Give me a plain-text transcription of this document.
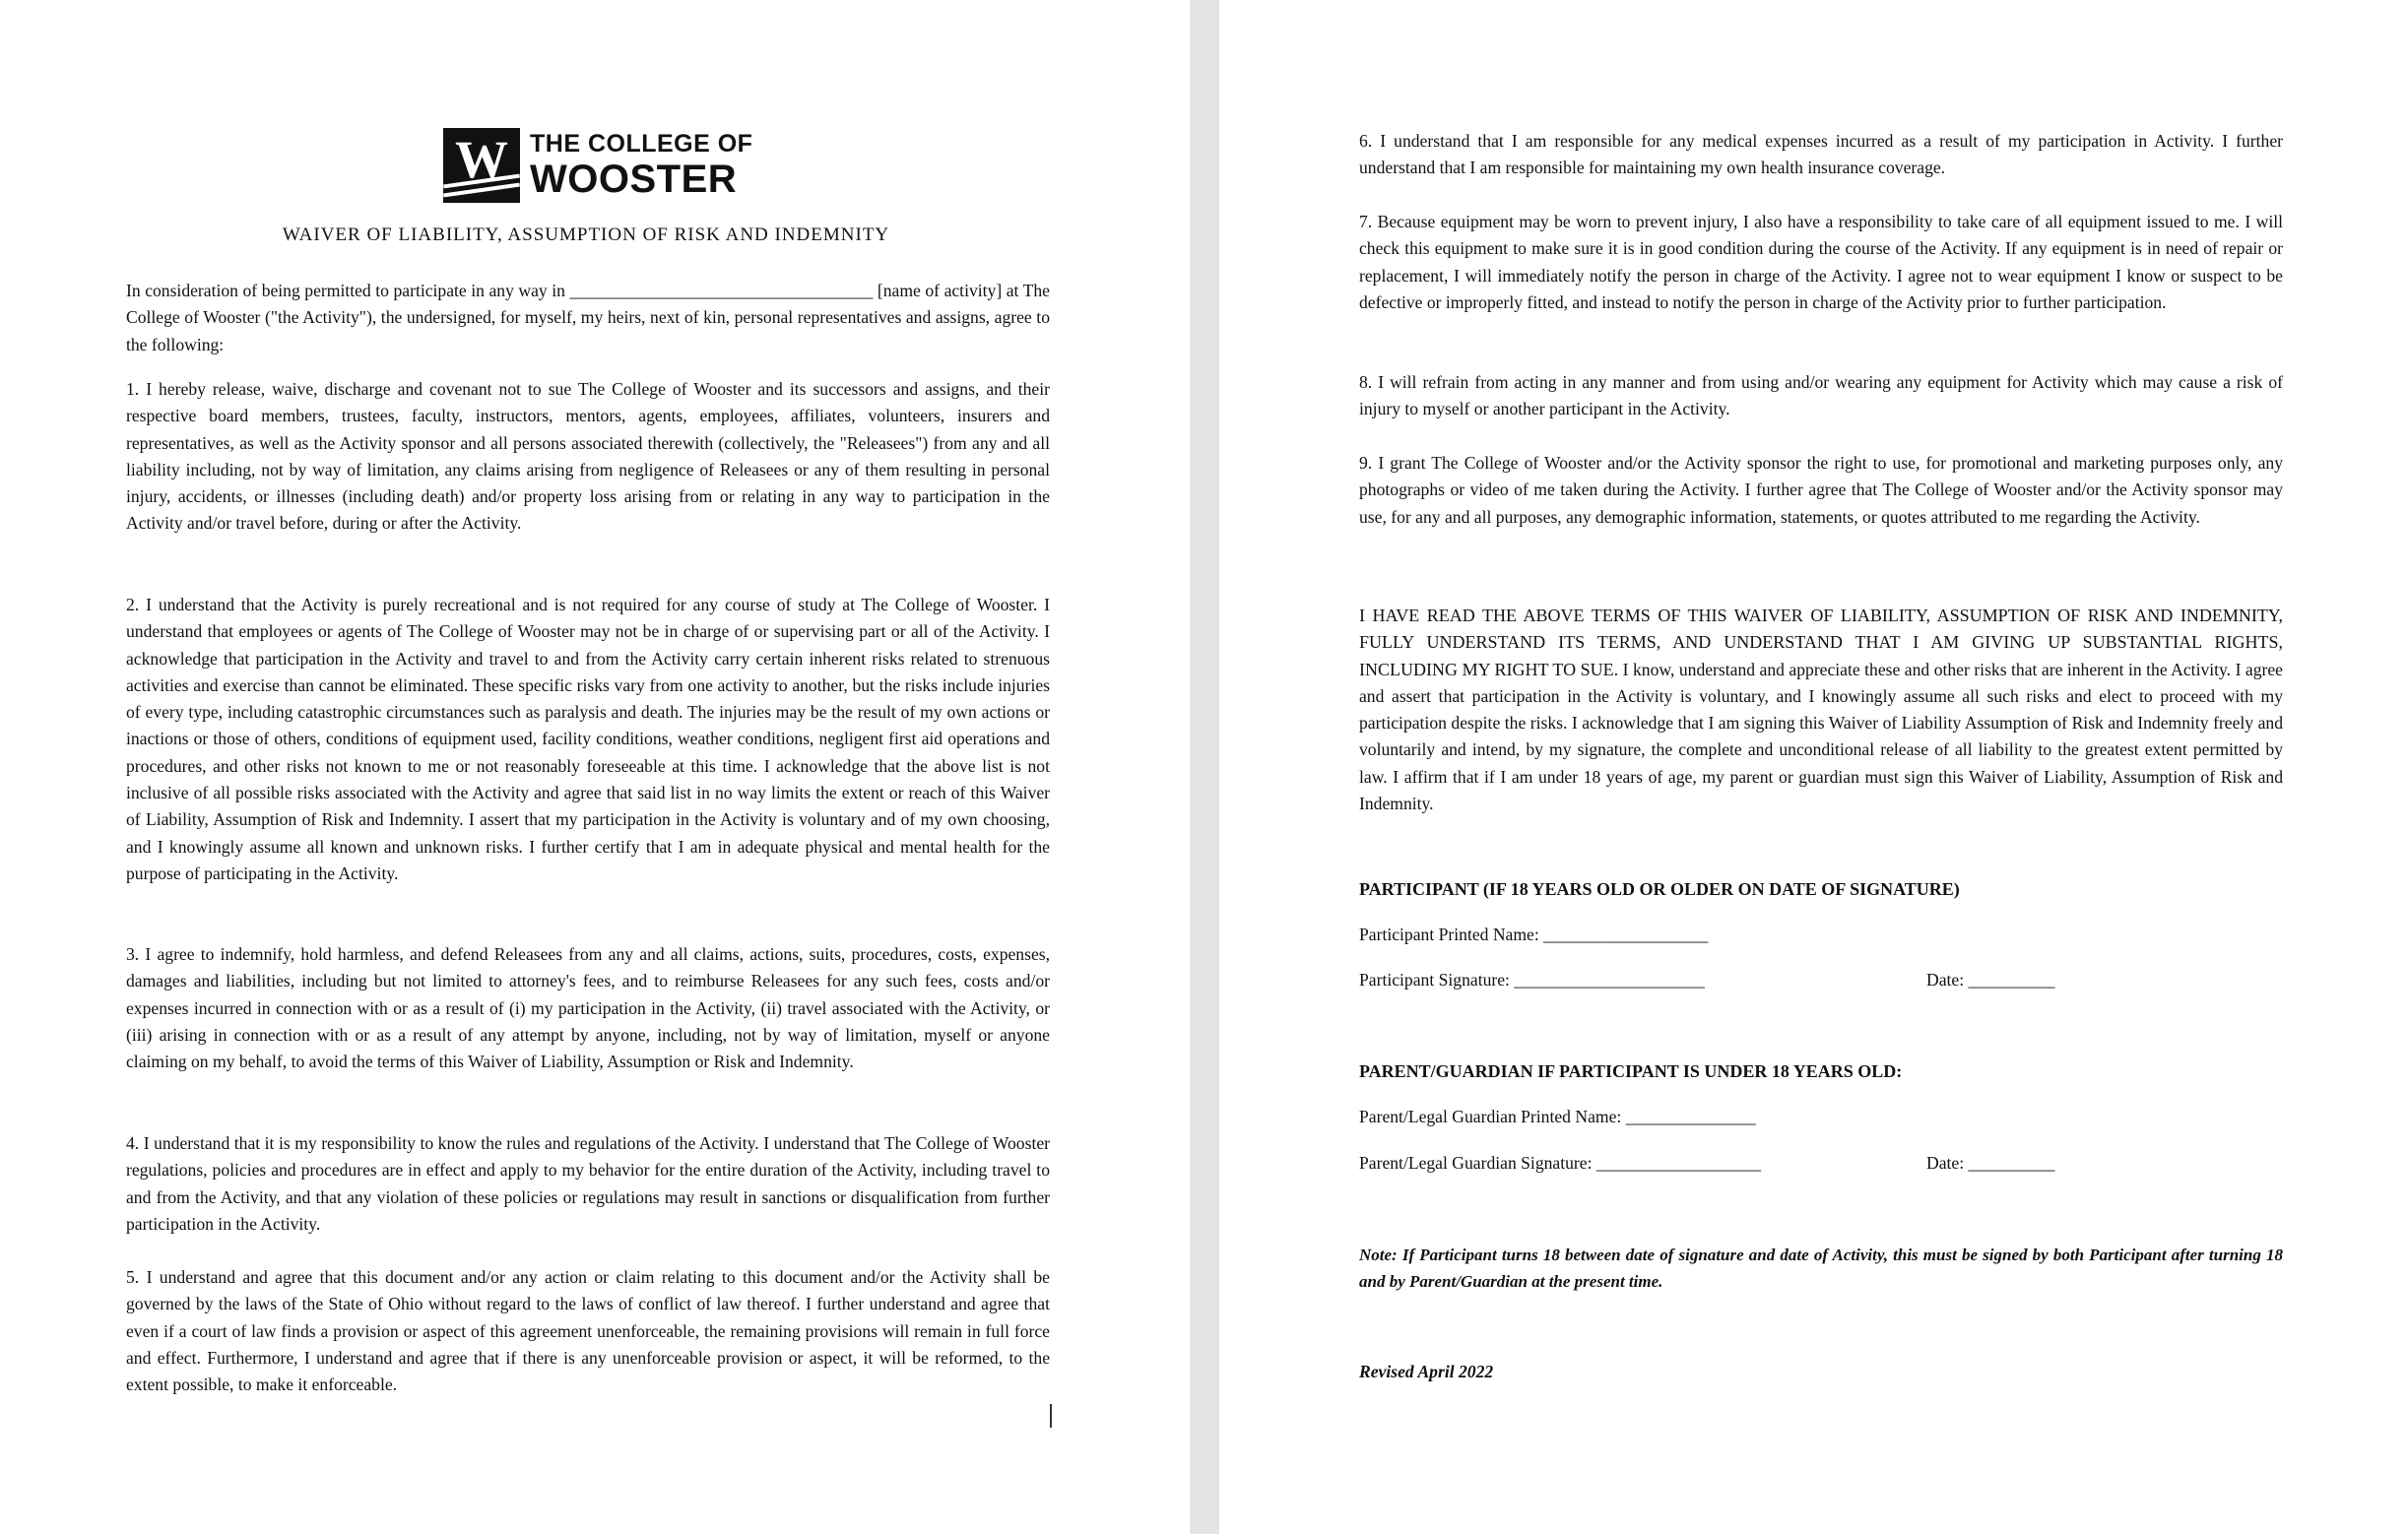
W THE COLLEGE OF
WOOSTER
WAIVER OF LIABILITY, ASSUMPTION OF RISK AND INDEMNITY

In consideration of being permitted to participate in any way in ___________________________________ [name of activity] at The College of Wooster ("the Activity"), the undersigned, for myself, my heirs, next of kin, personal representatives and assigns, agree to the following:

1. I hereby release, waive, discharge and covenant not to sue The College of Wooster and its successors and assigns, and their respective board members, trustees, faculty, instructors, mentors, agents, employees, affiliates, volunteers, insurers and representatives, as well as the Activity sponsor and all persons associated therewith (collectively, the "Releasees") from any and all liability including, not by way of limitation, any claims arising from negligence of Releasees or any of them resulting in personal injury, accidents, or illnesses (including death) and/or property loss arising from or relating in any way to participation in the Activity and/or travel before, during or after the Activity.

2. I understand that the Activity is purely recreational and is not required for any course of study at The College of Wooster. I understand that employees or agents of The College of Wooster may not be in charge of or supervising part or all of the Activity. I acknowledge that participation in the Activity and travel to and from the Activity carry certain inherent risks related to strenuous activities and exercise than cannot be eliminated. These specific risks vary from one activity to another, but the risks include injuries of every type, including catastrophic circumstances such as paralysis and death. The injuries may be the result of my own actions or inactions or those of others, conditions of equipment used, facility conditions, weather conditions, negligent first aid operations and procedures, and other risks not known to me or not reasonably foreseeable at this time. I acknowledge that the above list is not inclusive of all possible risks associated with the Activity and agree that said list in no way limits the extent or reach of this Waiver of Liability, Assumption of Risk and Indemnity. I assert that my participation in the Activity is voluntary and of my own choosing, and I knowingly assume all known and unknown risks. I further certify that I am in adequate physical and mental health for the purpose of participating in the Activity.

3. I agree to indemnify, hold harmless, and defend Releasees from any and all claims, actions, suits, procedures, costs, expenses, damages and liabilities, including but not limited to attorney's fees, and to reimburse Releasees for any such fees, costs and/or expenses incurred in connection with or as a result of (i) my participation in the Activity, (ii) travel associated with the Activity, or (iii) arising in connection with or as a result of any attempt by anyone, including, not by way of limitation, myself or anyone claiming on my behalf, to avoid the terms of this Waiver of Liability, Assumption or Risk and Indemnity.

4. I understand that it is my responsibility to know the rules and regulations of the Activity. I understand that The College of Wooster regulations, policies and procedures are in effect and apply to my behavior for the entire duration of the Activity, including travel to and from the Activity, and that any violation of these policies or regulations may result in sanctions or disqualification from further participation in the Activity.

5. I understand and agree that this document and/or any action or claim relating to this document and/or the Activity shall be governed by the laws of the State of Ohio without regard to the laws of conflict of law thereof. I further understand and agree that even if a court of law finds a provision or aspect of this agreement unenforceable, the remaining provisions will remain in full force and effect. Furthermore, I understand and agree that if there is any unenforceable provision or aspect, it will be reformed, to the extent possible, to make it enforceable.

6. I understand that I am responsible for any medical expenses incurred as a result of my participation in Activity. I further understand that I am responsible for maintaining my own health insurance coverage.

7. Because equipment may be worn to prevent injury, I also have a responsibility to take care of all equipment issued to me. I will check this equipment to make sure it is in good condition during the course of the Activity. If any equipment is in need of repair or replacement, I will immediately notify the person in charge of the Activity. I agree not to wear equipment I know or suspect to be defective or improperly fitted, and instead to notify the person in charge of the Activity prior to further participation.

8. I will refrain from acting in any manner and from using and/or wearing any equipment for Activity which may cause a risk of injury to myself or another participant in the Activity.

9. I grant The College of Wooster and/or the Activity sponsor the right to use, for promotional and marketing purposes only, any photographs or video of me taken during the Activity. I further agree that The College of Wooster and/or the Activity sponsor may use, for any and all purposes, any demographic information, statements, or quotes attributed to me regarding the Activity.

I HAVE READ THE ABOVE TERMS OF THIS WAIVER OF LIABILITY, ASSUMPTION OF RISK AND INDEMNITY, FULLY UNDERSTAND ITS TERMS, AND UNDERSTAND THAT I AM GIVING UP SUBSTANTIAL RIGHTS, INCLUDING MY RIGHT TO SUE. I know, understand and appreciate these and other risks that are inherent in the Activity. I agree and assert that participation in the Activity is voluntary, and I knowingly assume all such risks and elect to proceed with my participation despite the risks. I acknowledge that I am signing this Waiver of Liability Assumption of Risk and Indemnity freely and voluntarily and intend, by my signature, the complete and unconditional release of all liability to the greatest extent permitted by law. I affirm that if I am under 18 years of age, my parent or guardian must sign this Waiver of Liability, Assumption of Risk and Indemnity.

PARTICIPANT (IF 18 YEARS OLD OR OLDER ON DATE OF SIGNATURE)
Participant Printed Name: ___________________
Participant Signature: ______________________	Date: __________
PARENT/GUARDIAN IF PARTICIPANT IS UNDER 18 YEARS OLD:
Parent/Legal Guardian Printed Name: _______________
Parent/Legal Guardian Signature: ___________________	Date: __________

Note: If Participant turns 18 between date of signature and date of Activity, this must be signed by both Participant after turning 18 and by Parent/Guardian at the present time.

Revised April 2022
